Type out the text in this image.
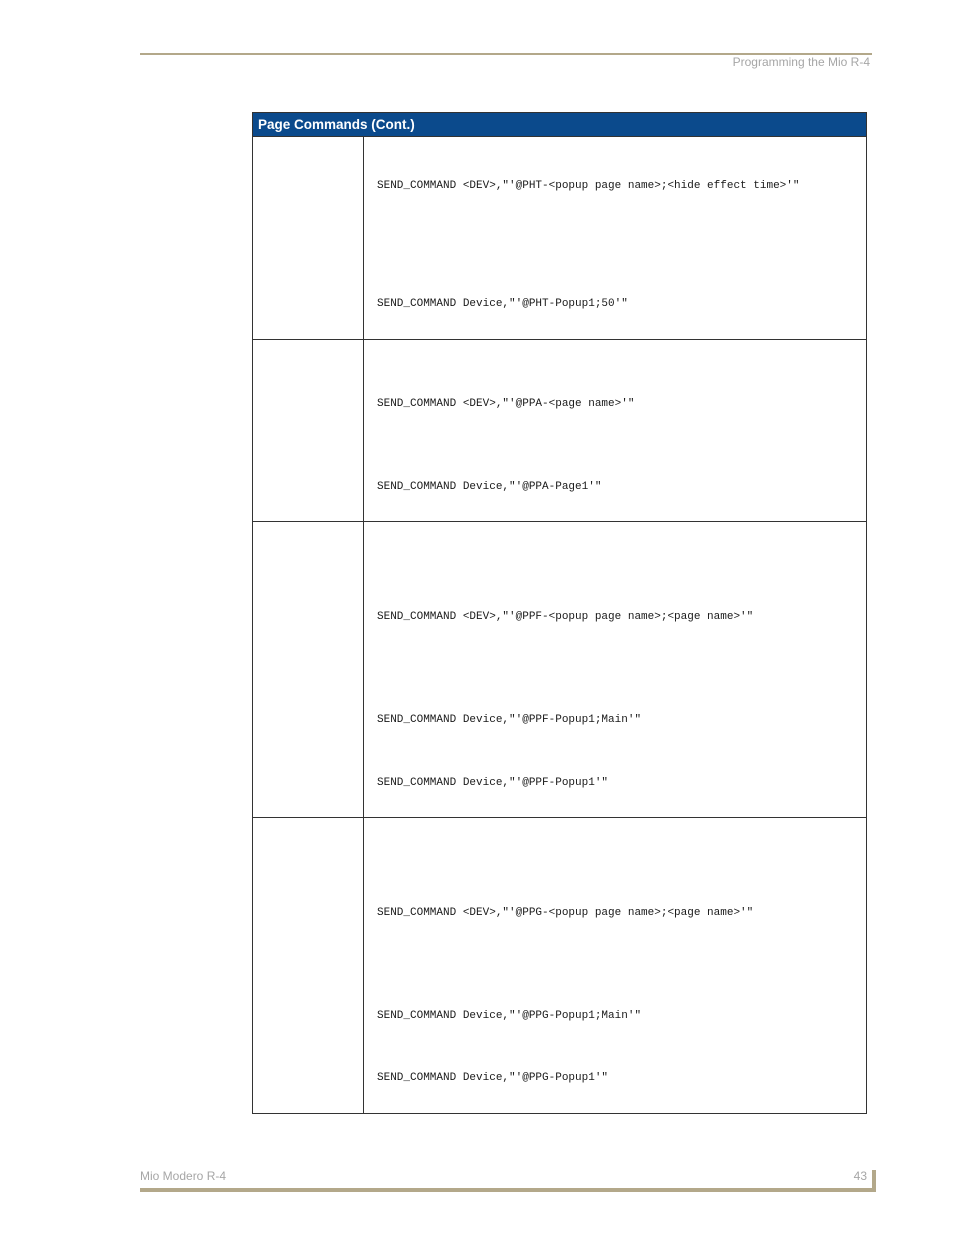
Programming the Mio R-4
Page Commands (Cont.)	

	SEND_COMMAND <DEV>,"'@PHT-<popup page name>;<hide effect time>'"
SEND_COMMAND Device,"'@PHT-Popup1;50'"

	SEND_COMMAND <DEV>,"'@PPA-<page name>'"
SEND_COMMAND Device,"'@PPA-Page1'"

	SEND_COMMAND <DEV>,"'@PPF-<popup page name>;<page name>'"
SEND_COMMAND Device,"'@PPF-Popup1;Main'"
SEND_COMMAND Device,"'@PPF-Popup1'"

	SEND_COMMAND <DEV>,"'@PPG-<popup page name>;<page name>'"
SEND_COMMAND Device,"'@PPG-Popup1;Main'"
SEND_COMMAND Device,"'@PPG-Popup1'"
Mio Modero R-4	43
